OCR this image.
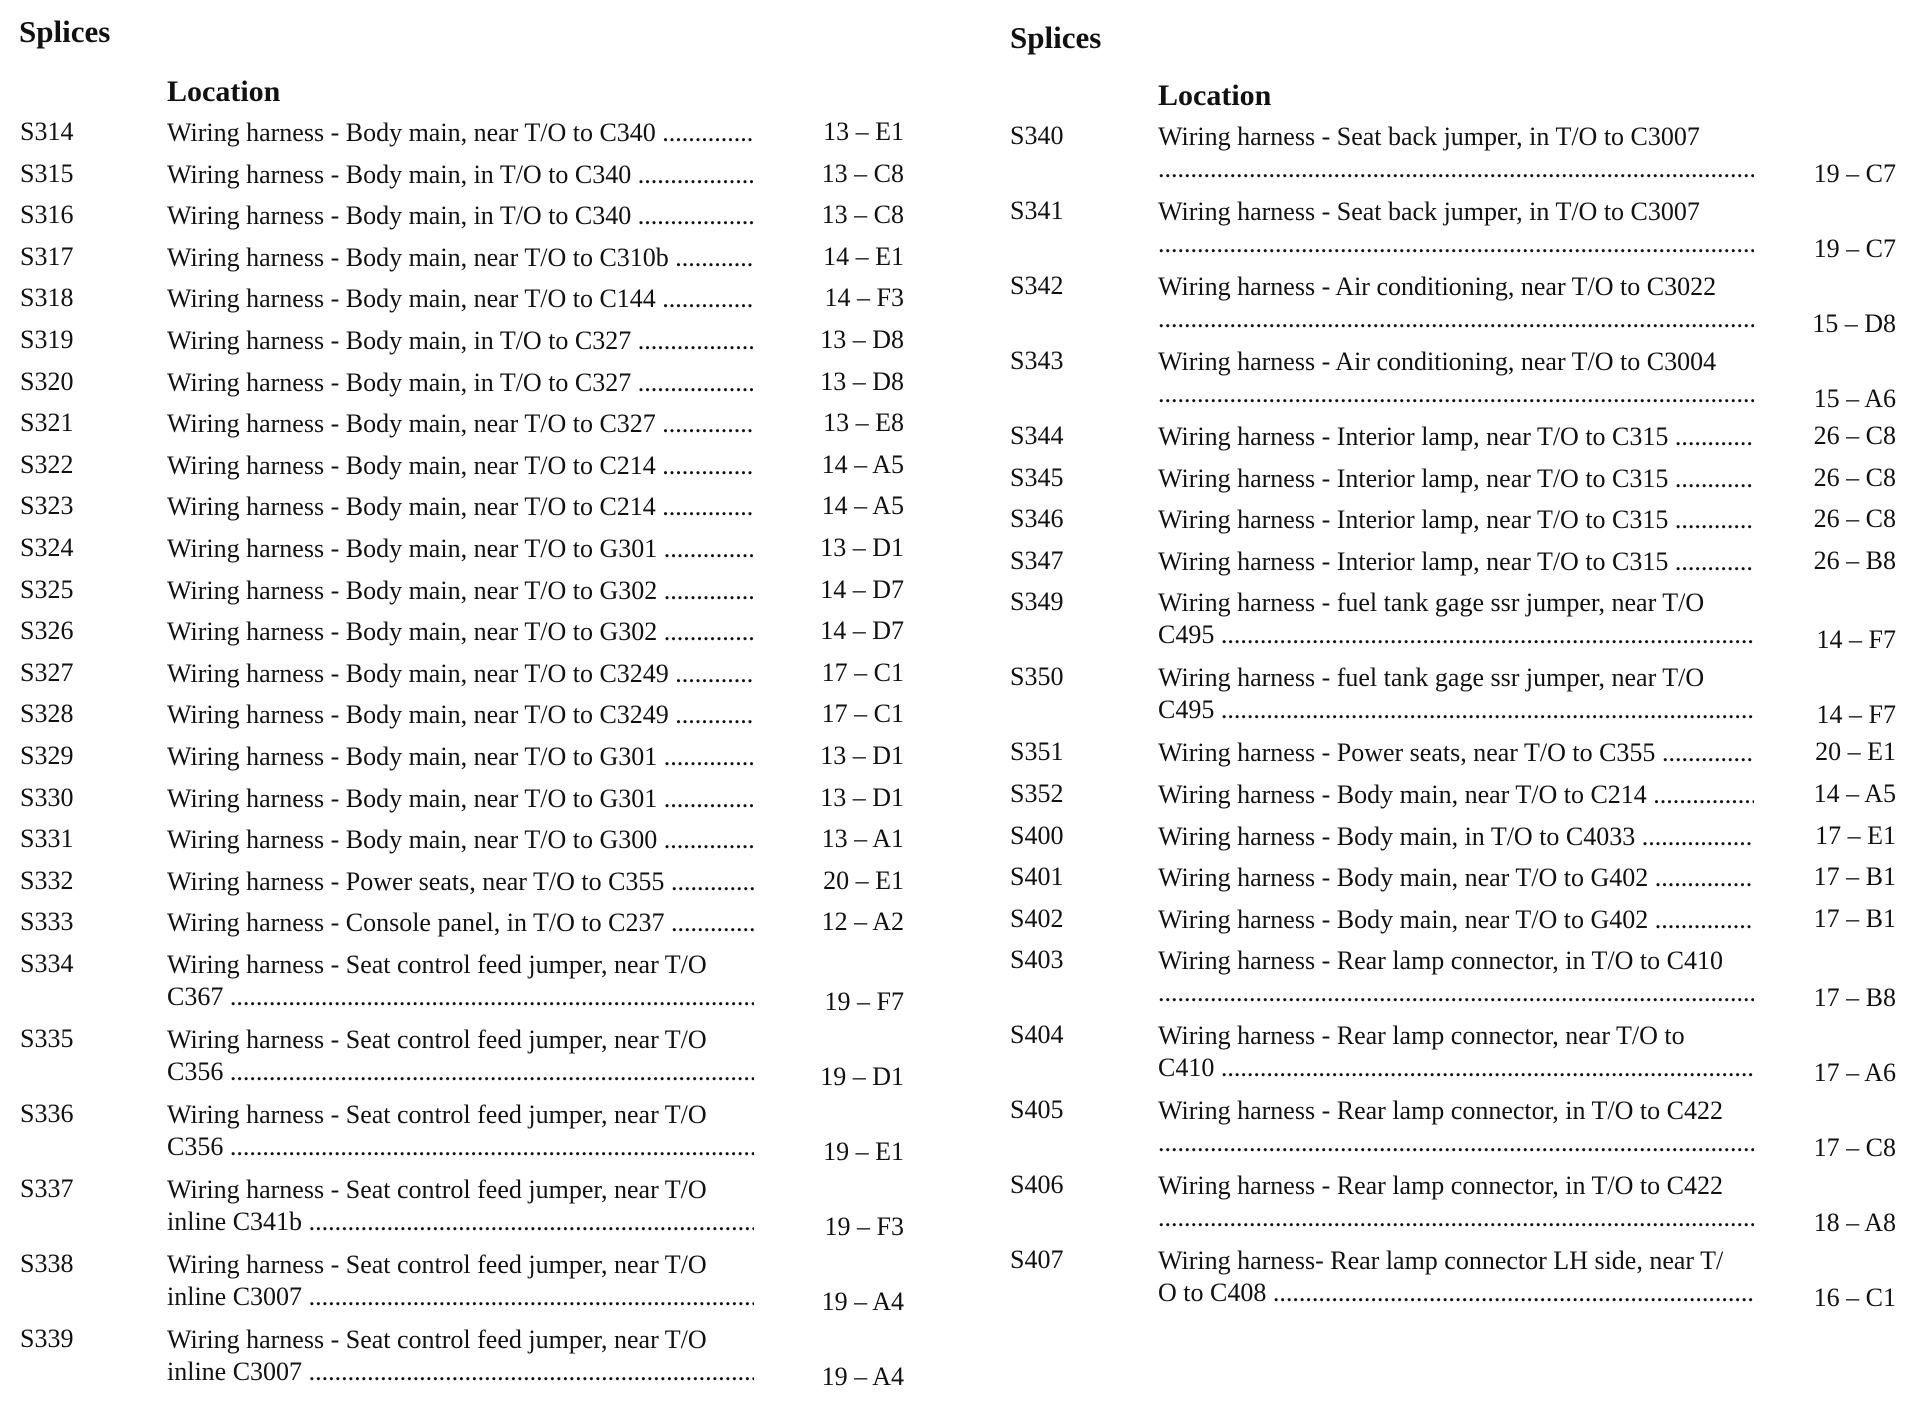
Splices
Location
S314	Wiring harness - Body main, near T/O to C340 .....	13 – E1
S315	Wiring harness - Body main, in T/O to C340 .....	13 – C8
S316	Wiring harness - Body main, in T/O to C340 .....	13 – C8
S317	Wiring harness - Body main, near T/O to C310b .....	14 – E1
S318	Wiring harness - Body main, near T/O to C144 .....	14 – F3
S319	Wiring harness - Body main, in T/O to C327 .....	13 – D8
S320	Wiring harness - Body main, in T/O to C327 .....	13 – D8
S321	Wiring harness - Body main, near T/O to C327 .....	13 – E8
S322	Wiring harness - Body main, near T/O to C214 .....	14 – A5
S323	Wiring harness - Body main, near T/O to C214 .....	14 – A5
S324	Wiring harness - Body main, near T/O to G301 .....	13 – D1
S325	Wiring harness - Body main, near T/O to G302 .....	14 – D7
S326	Wiring harness - Body main, near T/O to G302 .....	14 – D7
S327	Wiring harness - Body main, near T/O to C3249 .....	17 – C1
S328	Wiring harness - Body main, near T/O to C3249 .....	17 – C1
S329	Wiring harness - Body main, near T/O to G301 .....	13 – D1
S330	Wiring harness - Body main, near T/O to G301 .....	13 – D1
S331	Wiring harness - Body main, near T/O to G300 .....	13 – A1
S332	Wiring harness - Power seats, near T/O to C355 .....	20 – E1
S333	Wiring harness - Console panel, in T/O to C237 .....	12 – A2
S334	Wiring harness - Seat control feed jumper, near T/O
C367 .....	19 – F7
S335	Wiring harness - Seat control feed jumper, near T/O
C356 .....	19 – D1
S336	Wiring harness - Seat control feed jumper, near T/O
C356 .....	19 – E1
S337	Wiring harness - Seat control feed jumper, near T/O
inline C341b .....	19 – F3
S338	Wiring harness - Seat control feed jumper, near T/O
inline C3007 .....	19 – A4
S339	Wiring harness - Seat control feed jumper, near T/O
inline C3007 .....	19 – A4
Splices
Location
S340	Wiring harness - Seat back jumper, in T/O to C3007
.....
19 – C7
S341	Wiring harness - Seat back jumper, in T/O to C3007
.....
19 – C7
S342	Wiring harness - Air conditioning, near T/O to C3022
.....
15 – D8
S343	Wiring harness - Air conditioning, near T/O to C3004
.....
15 – A6
S344	Wiring harness - Interior lamp, near T/O to C315 .....	26 – C8
S345	Wiring harness - Interior lamp, near T/O to C315 .....	26 – C8
S346	Wiring harness - Interior lamp, near T/O to C315 .....	26 – C8
S347	Wiring harness - Interior lamp, near T/O to C315 .....	26 – B8
S349	Wiring harness - fuel tank gage ssr jumper, near T/O
C495 .....	14 – F7
S350	Wiring harness - fuel tank gage ssr jumper, near T/O
C495 .....	14 – F7
S351	Wiring harness - Power seats, near T/O to C355 .....	20 – E1
S352	Wiring harness - Body main, near T/O to C214 .....	14 – A5
S400	Wiring harness - Body main, in T/O to C4033 .....	17 – E1
S401	Wiring harness - Body main, near T/O to G402 .....	17 – B1
S402	Wiring harness - Body main, near T/O to G402 .....	17 – B1
S403	Wiring harness - Rear lamp connector, in T/O to C410
.....
17 – B8
S404	Wiring harness - Rear lamp connector, near T/O to
C410 .....	17 – A6
S405	Wiring harness - Rear lamp connector, in T/O to C422
.....
17 – C8
S406	Wiring harness - Rear lamp connector, in T/O to C422
.....
18 – A8
S407	Wiring harness- Rear lamp connector LH side, near T/
O to C408 .....	16 – C1
